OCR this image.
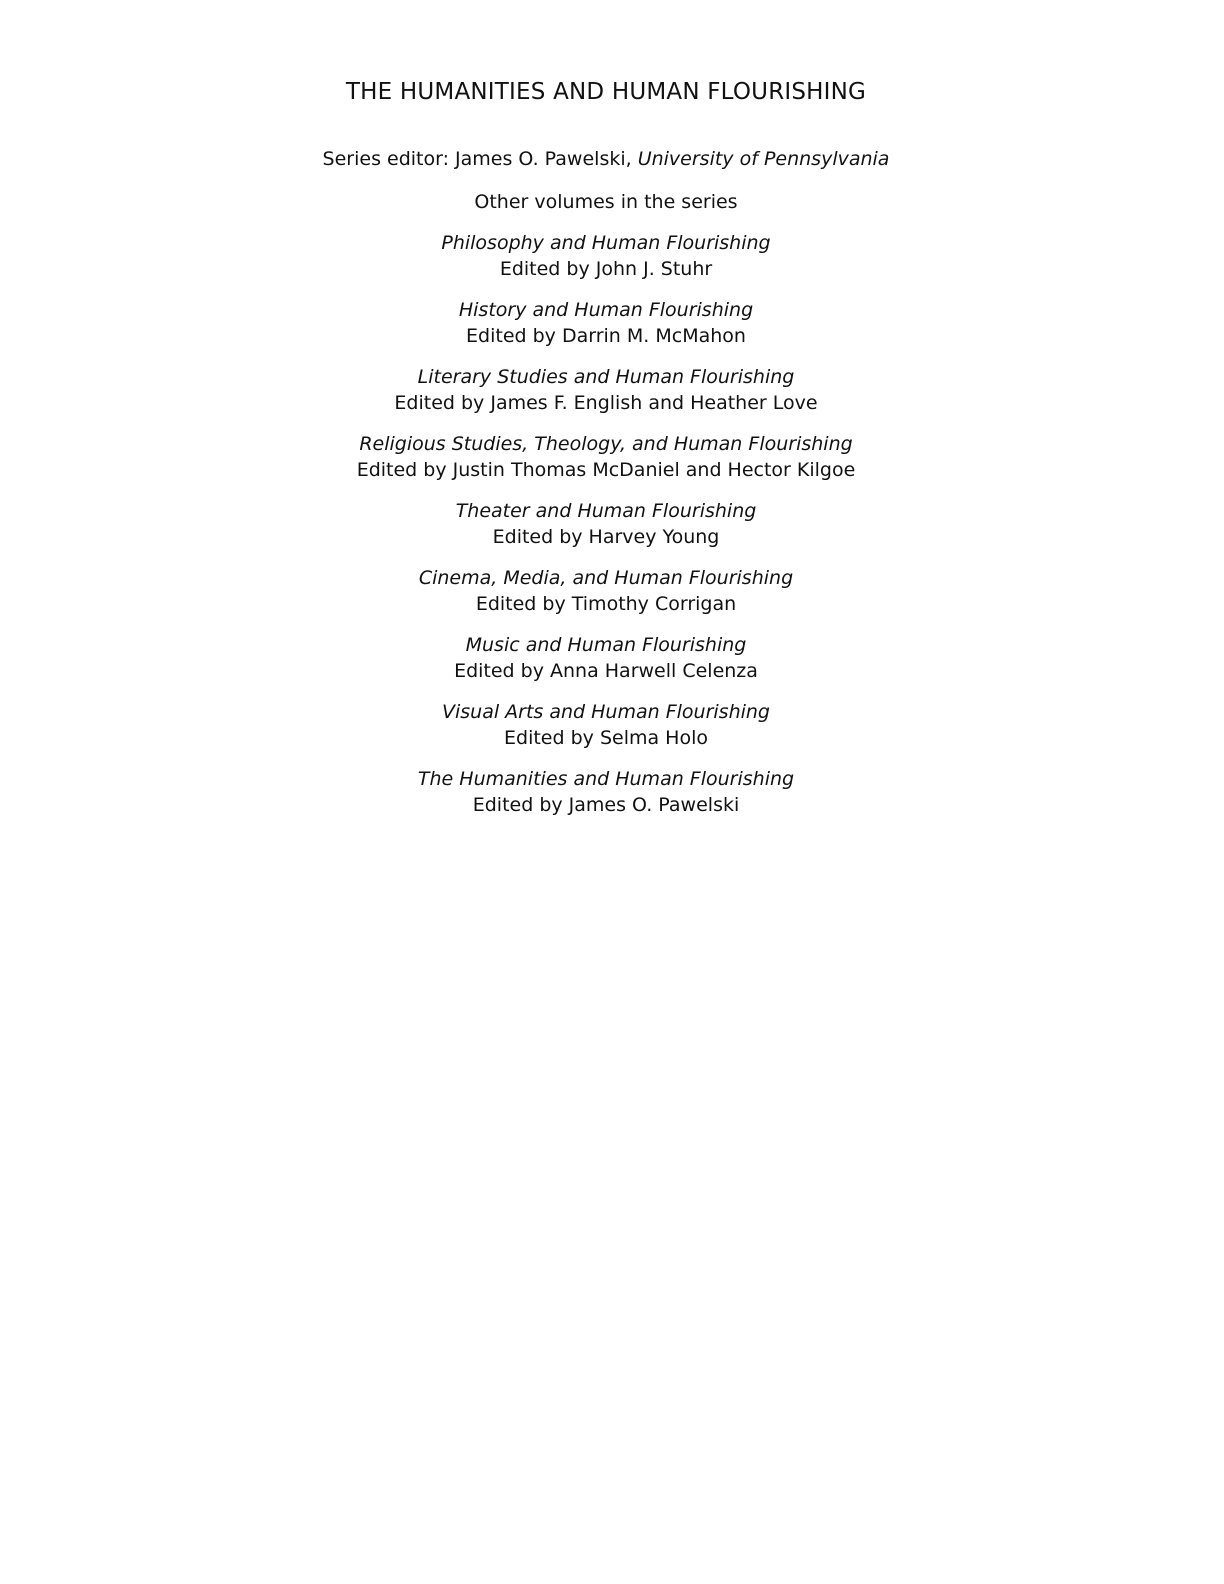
THE HUMANITIES AND HUMAN FLOURISHING

Series editor: James O. Pawelski, University of Pennsylvania

Other volumes in the series

Philosophy and Human Flourishing
Edited by John J. Stuhr
History and Human Flourishing
Edited by Darrin M. McMahon
Literary Studies and Human Flourishing
Edited by James F. English and Heather Love
Religious Studies, Theology, and Human Flourishing
Edited by Justin Thomas McDaniel and Hector Kilgoe
Theater and Human Flourishing
Edited by Harvey Young
Cinema, Media, and Human Flourishing
Edited by Timothy Corrigan
Music and Human Flourishing
Edited by Anna Harwell Celenza
Visual Arts and Human Flourishing
Edited by Selma Holo
The Humanities and Human Flourishing
Edited by James O. Pawelski
